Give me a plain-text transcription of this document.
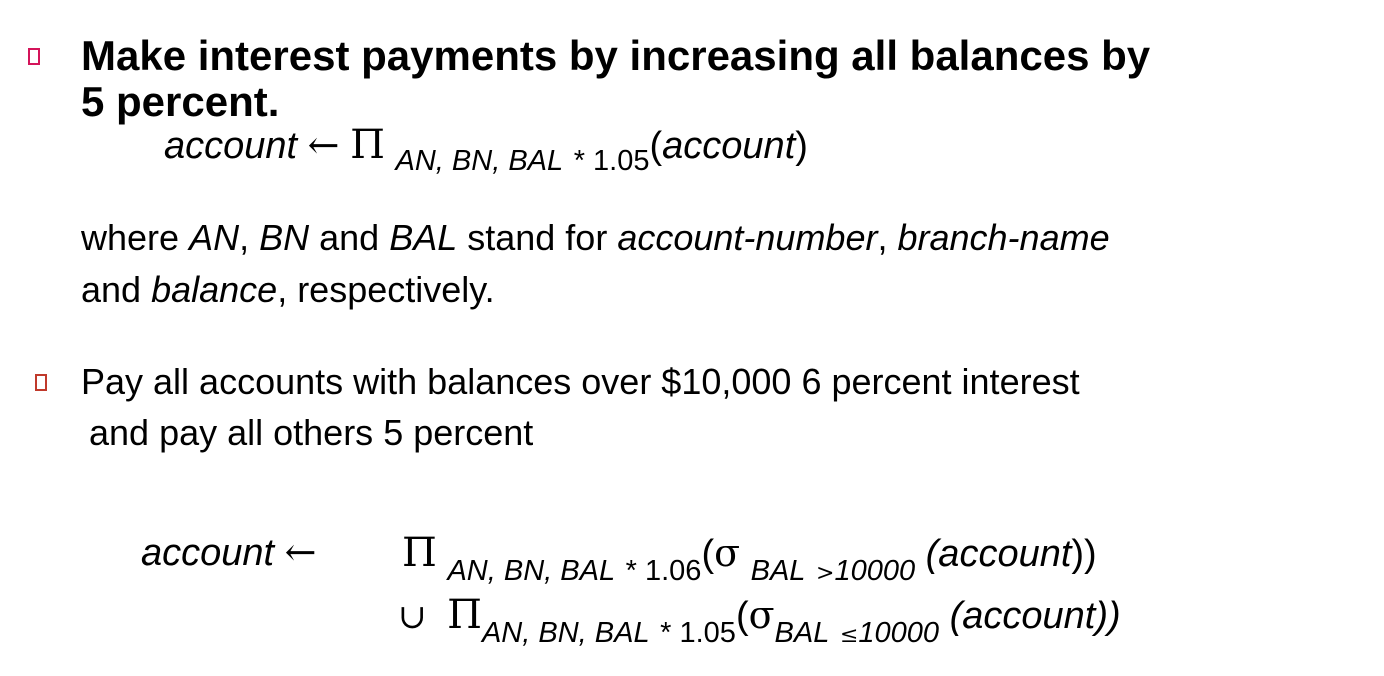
Make interest payments by increasing all balances by
5 percent.
account ← Π $_{AN, BN, BAL}$ $_{* 1.05}$(account)
where AN, BN and BAL stand for account-number, branch-name
and balance, respectively.
Pay all accounts with balances over $10,000 6 percent interest
and pay all others 5 percent
account ← Π $_{AN, BN, BAL}$ $_{* 1.06}$(σ $_{BAL}$ $_{>10000}$ (account))
∪ $\Pi_{AN, BN, BAL}$ $_{* 1.05}(\sigma_{BAL}$ $_{\le 10000}$ (account))
